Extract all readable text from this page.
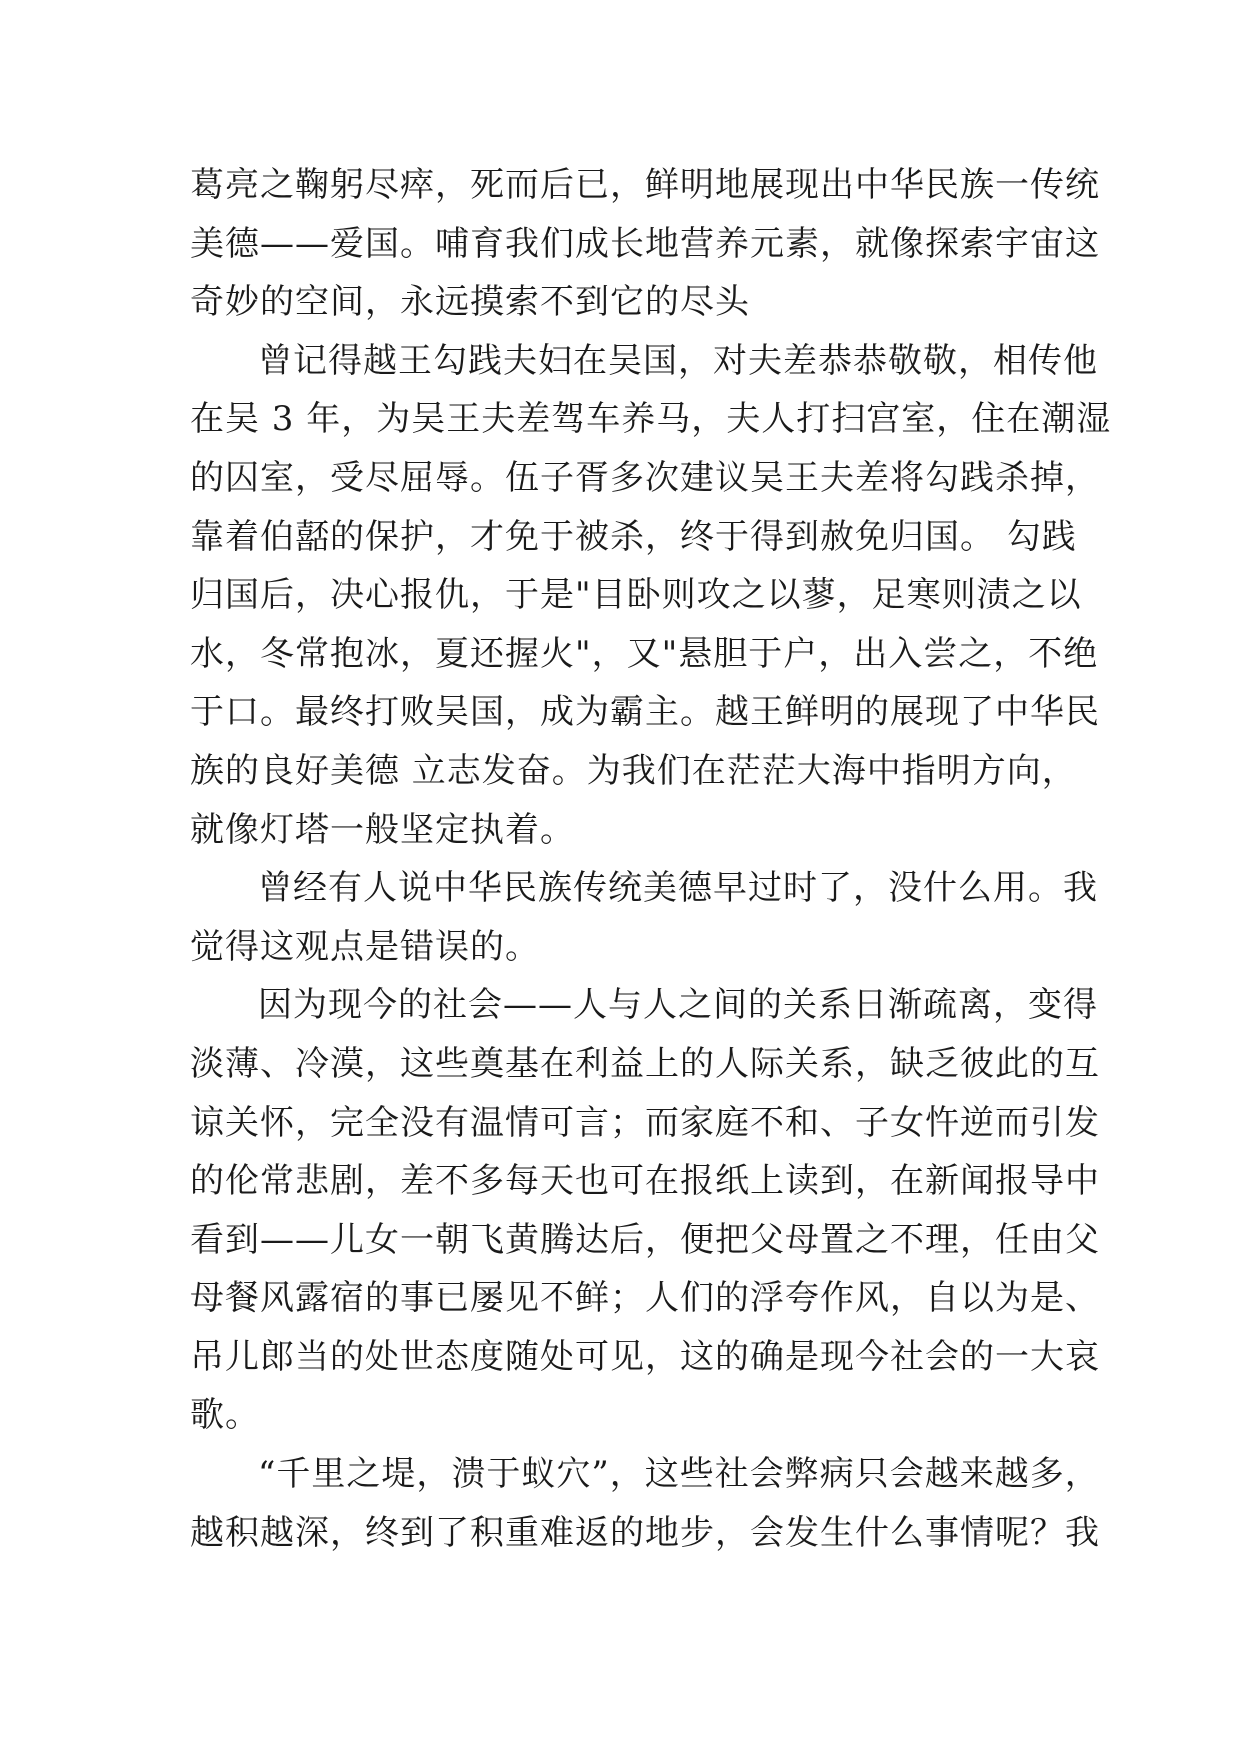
葛亮之鞠躬尽瘁，死而后已，鲜明地展现出中华民族一传统
美德——爱国。哺育我们成长地营养元素，就像探索宇宙这
奇妙的空间，永远摸索不到它的尽头
曾记得越王勾践夫妇在吴国，对夫差恭恭敬敬，相传他
在吴 3 年，为吴王夫差驾车养马，夫人打扫宫室，住在潮湿
的囚室，受尽屈辱。伍子胥多次建议吴王夫差将勾践杀掉，
靠着伯嚭的保护，才免于被杀，终于得到赦免归国。 勾践
归国后，决心报仇，于是"目卧则攻之以蓼，足寒则渍之以
水，冬常抱冰，夏还握火"，又"悬胆于户，出入尝之，不绝
于口。最终打败吴国，成为霸主。越王鲜明的展现了中华民
族的良好美德 立志发奋。为我们在茫茫大海中指明方向，
就像灯塔一般坚定执着。
曾经有人说中华民族传统美德早过时了，没什么用。我
觉得这观点是错误的。
因为现今的社会——人与人之间的关系日渐疏离，变得
淡薄、冷漠，这些奠基在利益上的人际关系，缺乏彼此的互
谅关怀，完全没有温情可言；而家庭不和、子女忤逆而引发
的伦常悲剧，差不多每天也可在报纸上读到，在新闻报导中
看到——儿女一朝飞黄腾达后，便把父母置之不理，任由父
母餐风露宿的事已屡见不鲜；人们的浮夸作风，自以为是、
吊儿郎当的处世态度随处可见，这的确是现今社会的一大哀
歌。
“千里之堤，溃于蚁穴”，这些社会弊病只会越来越多，
越积越深，终到了积重难返的地步，会发生什么事情呢？我
